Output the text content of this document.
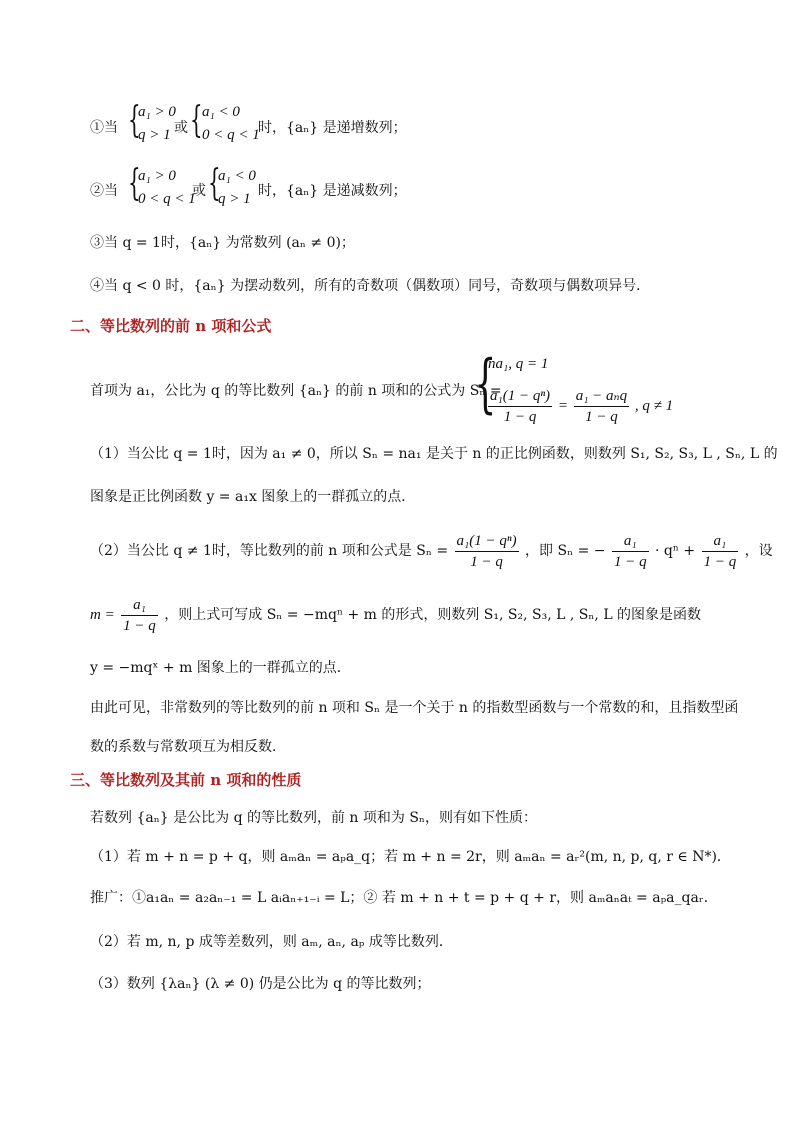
①当 {
a₁ > 0
q > 1 或 { a₁ < 0
0 < q < 1
时，{aₙ} 是递增数列；
②当 {
a₁ > 0
0 < q < 1
或 {
a₁ < 0
q > 1 时，{aₙ} 是递减数列；
③当 q = 1时，{aₙ} 为常数列 (aₙ ≠ 0)；
④当 q < 0 时，{aₙ} 为摆动数列，所有的奇数项（偶数项）同号，奇数项与偶数项异号．
二、等比数列的前 n 项和公式
首项为 a₁，公比为 q 的等比数列 {aₙ} 的前 n 项和的公式为 Sₙ =
{
na₁, q = 1
$\frac{\text{a₁(1 − qⁿ)}}{1 - q} = \frac{\text{a₁ − aₙq}}{1 - q}$ , q ≠ 1
（1）当公比 q = 1时，因为 a₁ ≠ 0，所以 Sₙ = na₁ 是关于 n 的正比例函数，则数列 S₁, S₂, S₃, L , Sₙ, L 的
图象是正比例函数 y = a₁x 图象上的一群孤立的点．
（2）当公比 q ≠ 1时，等比数列的前 n 项和公式是 $S_n = \frac{\text{a₁(1 − qⁿ)}}{1 - q}$ ，即 Sₙ = − $\frac{\text{a₁}}{1 - q} \cdot q^n + \frac{\text{a₁}}{1 - q}$ ，设
$m = \frac{\text{a₁}}{1 - q}$ ，则上式可写成 Sₙ = −mqⁿ + m 的形式，则数列 S₁, S₂, S₃, L , Sₙ, L 的图象是函数
y = −mqˣ + m 图象上的一群孤立的点．
由此可见，非常数列的等比数列的前 n 项和 Sₙ 是一个关于 n 的指数型函数与一个常数的和，且指数型函
数的系数与常数项互为相反数．
三、等比数列及其前 n 项和的性质
若数列 {aₙ} 是公比为 q 的等比数列，前 n 项和为 Sₙ，则有如下性质：
（1）若 m + n = p + q，则 aₘaₙ = aₚa_q；若 m + n = 2r，则 aₘaₙ = aᵣ²(m, n, p, q, r ∈ N*)．
推广：①a₁aₙ = a₂aₙ₋₁ = L aᵢaₙ₊₁₋ᵢ = L；② 若 m + n + t = p + q + r，则 aₘaₙaₜ = aₚa_qaᵣ．
（2）若 m, n, p 成等差数列，则 aₘ, aₙ, aₚ 成等比数列．
（3）数列 {λaₙ} (λ ≠ 0) 仍是公比为 q 的等比数列；
